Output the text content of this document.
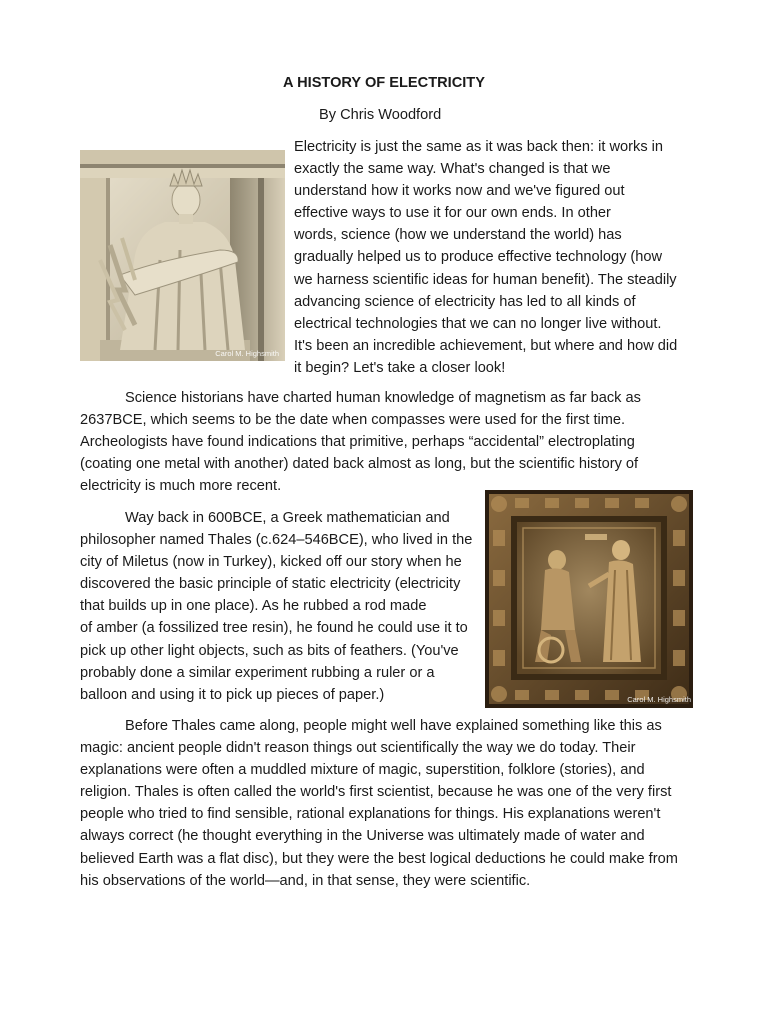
A HISTORY OF ELECTRICITY
By Chris Woodford
Carol M. Highsmith
Carol M. Highsmith

Electricity is just the same as it was back then: it works in
exactly the same way. What's changed is that we
understand how it works now and we've figured out
effective ways to use it for our own ends. In other
words, science (how we understand the world) has
gradually helped us to produce effective technology (how
we harness scientific ideas for human benefit). The steadily
advancing science of electricity has led to all kinds of
electrical technologies that we can no longer live without.
It's been an incredible achievement, but where and how did
it begin? Let's take a closer look!

Science historians have charted human knowledge of magnetism as far back as
2637BCE, which seems to be the date when compasses were used for the first time.
Archeologists have found indications that primitive, perhaps “accidental” electroplating
(coating one metal with another) dated back almost as long, but the scientific history of
electricity is much more recent.

Way back in 600BCE, a Greek mathematician and
philosopher named Thales (c.624–546BCE), who lived in the
city of Miletus (now in Turkey), kicked off our story when he
discovered the basic principle of static electricity (electricity
that builds up in one place). As he rubbed a rod made
of amber (a fossilized tree resin), he found he could use it to
pick up other light objects, such as bits of feathers. (You've
probably done a similar experiment rubbing a ruler or a
balloon and using it to pick up pieces of paper.)

Before Thales came along, people might well have explained something like this as
magic: ancient people didn't reason things out scientifically the way we do today. Their
explanations were often a muddled mixture of magic, superstition, folklore (stories), and
religion. Thales is often called the world's first scientist, because he was one of the very first
people who tried to find sensible, rational explanations for things. His explanations weren't
always correct (he thought everything in the Universe was ultimately made of water and
believed Earth was a flat disc), but they were the best logical deductions he could make from
his observations of the world—and, in that sense, they were scientific.
